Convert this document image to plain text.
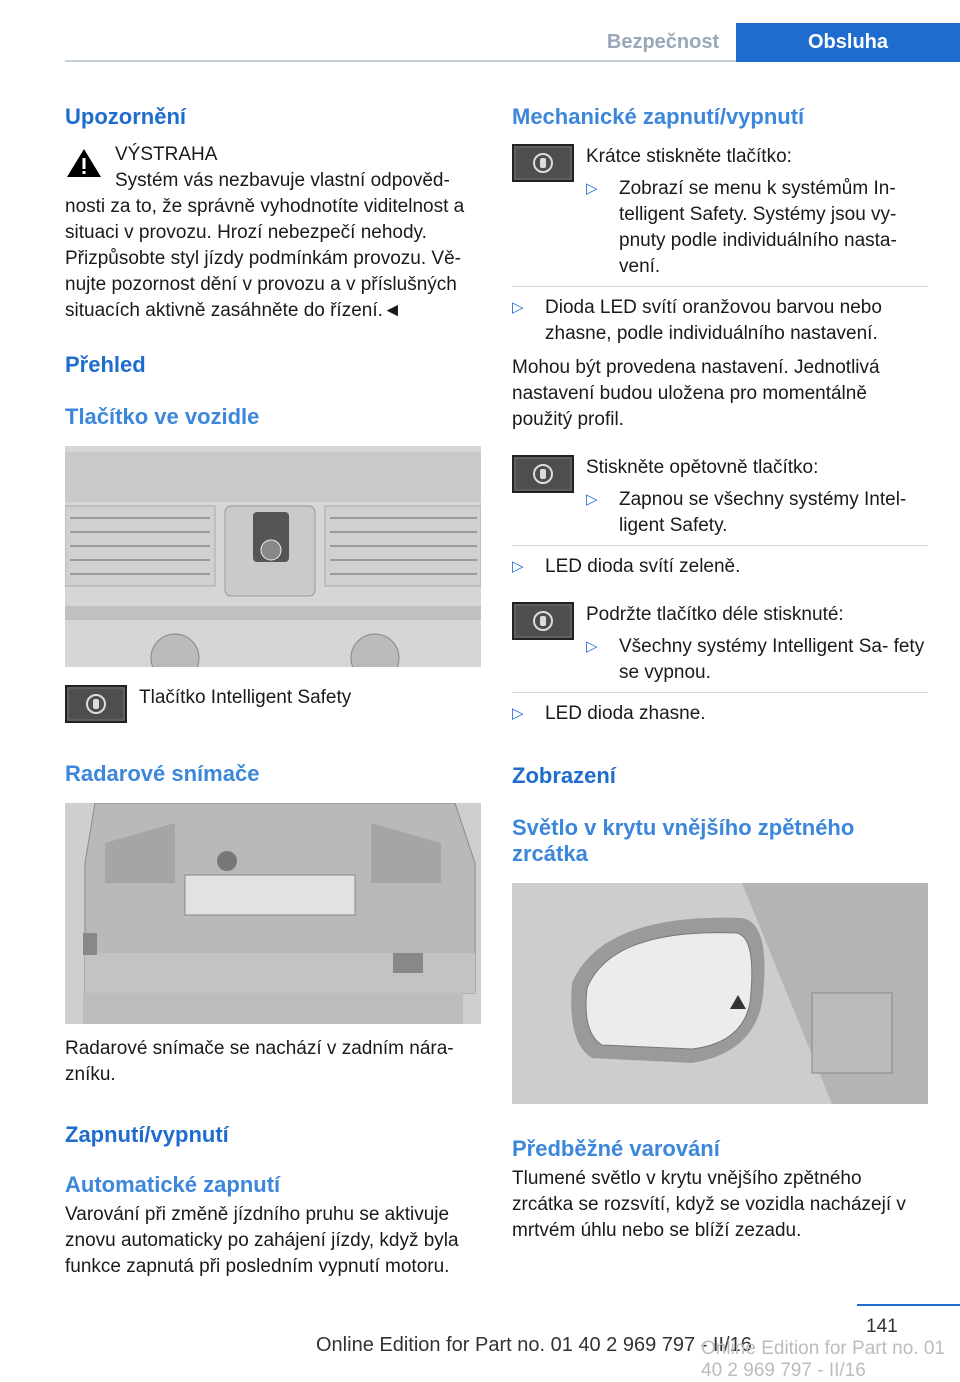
Bezpečnost	Obsluha
Upozornění

VÝSTRAHA

Systém vás nezbavuje vlastní odpověd‐ nosti za to, že správně vyhodnotíte viditelnost a situaci v provozu. Hrozí nebezpečí nehody. Přizpůsobte styl jízdy podmínkám provozu. Vě‐ nujte pozornost dění v provozu a v příslušných situacích aktivně zasáhněte do řízení.◄

Přehled
Tlačítko ve vozidle

Tlačítko Intelligent Safety

Radarové snímače

Radarové snímače se nachází v zadním nára‐ zníku.

Zapnutí/vypnutí
Automatické zapnutí

Varování při změně jízdního pruhu se aktivuje znovu automaticky po zahájení jízdy, když byla funkce zapnutá při posledním vypnutí motoru.

Mechanické zapnutí/vypnutí

Krátce stiskněte tlačítko:

▷	Zobrazí se menu k systémům In‐ telligent Safety. Systémy jsou vy‐ pnuty podle individuálního nasta‐ vení.
▷	Dioda LED svítí oranžovou barvou nebo zhasne, podle individuálního nastavení.

Mohou být provedena nastavení. Jednotlivá nastavení budou uložena pro momentálně použitý profil.

Stiskněte opětovně tlačítko:

▷	Zapnou se všechny systémy Intel‐ ligent Safety.
▷	LED dioda svítí zeleně.

Podržte tlačítko déle stisknuté:

▷	Všechny systémy Intelligent Sa‐ fety se vypnou.
▷	LED dioda zhasne.
Zobrazení
Světlo v krytu vnějšího zpětného zrcátka
Předběžné varování

Tlumené světlo v krytu vnějšího zpětného zrcátka se rozsvítí, když se vozidla nacházejí v mrtvém úhlu nebo se blíží zezadu.

141
Online Edition for Part no. 01 40 2 969 797 - II/16
Online Edition for Part no. 01 40 2 969 797 - II/16
